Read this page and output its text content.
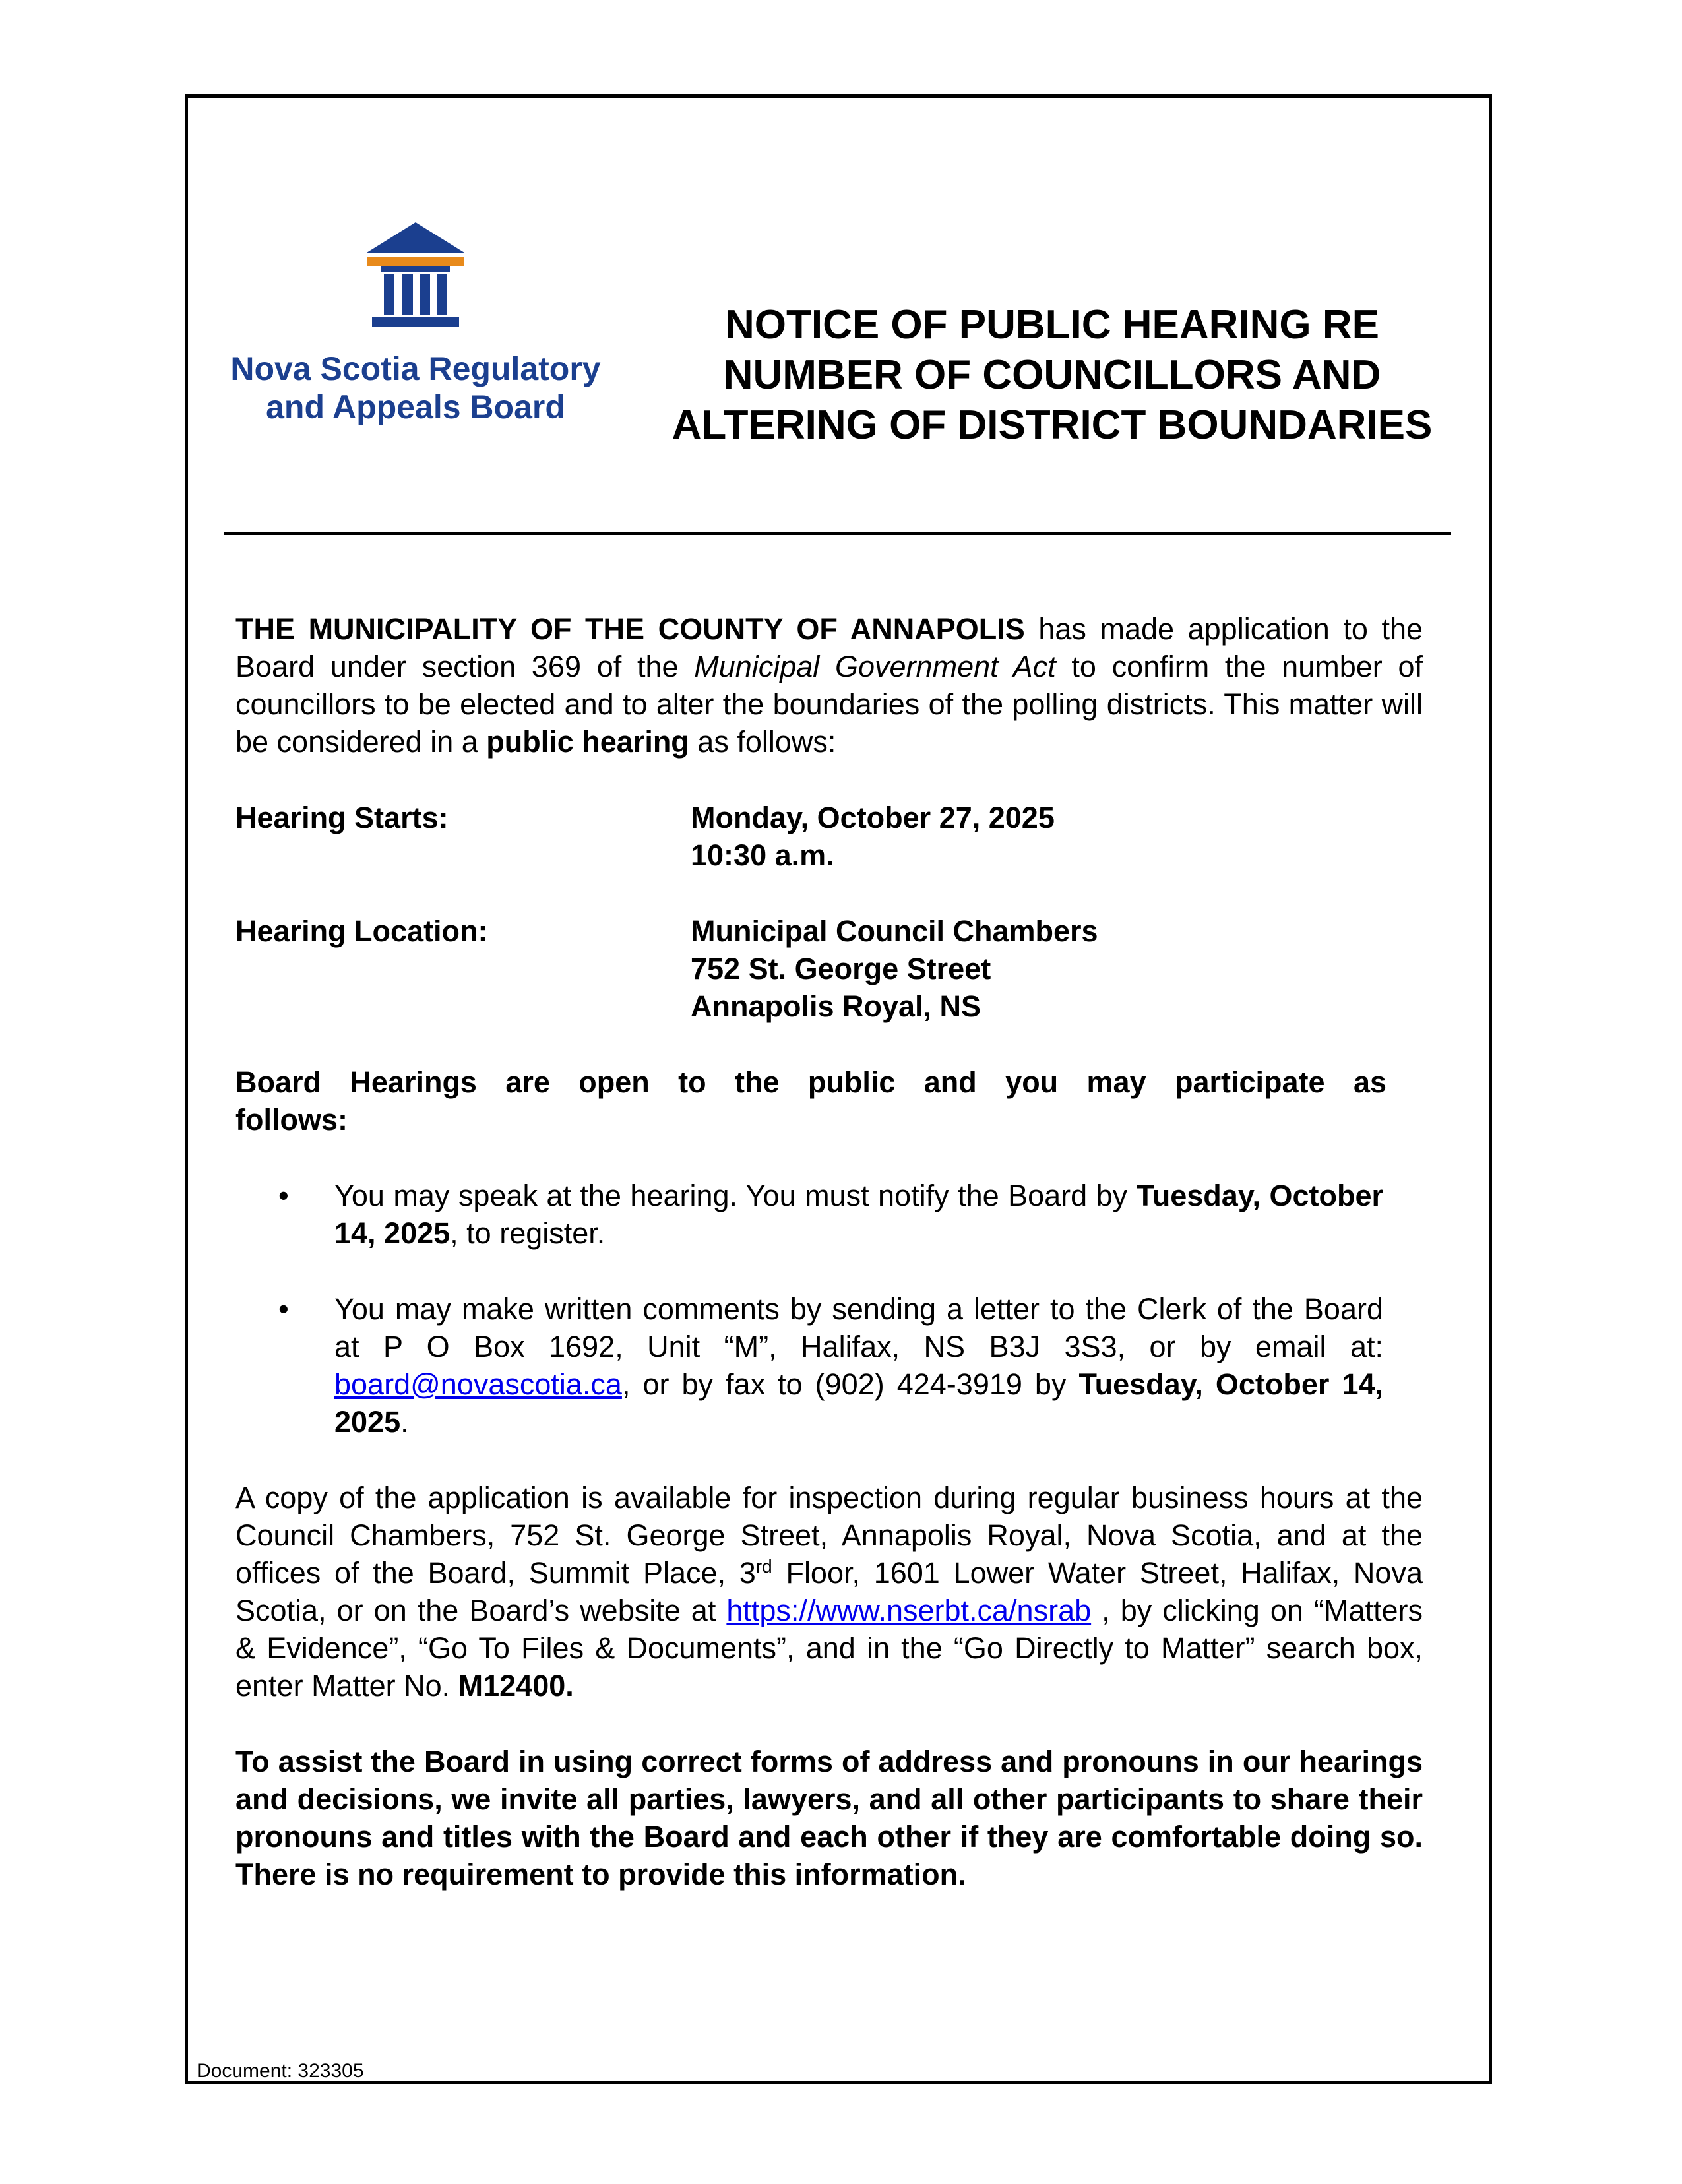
Nova Scotia Regulatory
and Appeals Board
NOTICE OF PUBLIC HEARING RE
NUMBER OF COUNCILLORS AND
ALTERING OF DISTRICT BOUNDARIES

THE MUNICIPALITY OF THE COUNTY OF ANNAPOLIS has made application to the Board under section 369 of the Municipal Government Act to confirm the number of councillors to be elected and to alter the boundaries of the polling districts. This matter will be considered in a public hearing as follows:

Hearing Starts:	Monday, October 27, 2025
10:30 a.m.
Hearing Location:	Municipal Council Chambers
752 St. George Street
Annapolis Royal, NS
Board Hearings are open to the public and you may participate as
follows:
• You may speak at the hearing. You must notify the Board by Tuesday, October 14, 2025, to register.
• You may make written comments by sending a letter to the Clerk of the Board at P O Box 1692, Unit “M”, Halifax, NS B3J 3S3, or by email at: board@novascotia.ca, or by fax to (902) 424-3919 by Tuesday, October 14, 2025.

A copy of the application is available for inspection during regular business hours at the Council Chambers, 752 St. George Street, Annapolis Royal, Nova Scotia, and at the offices of the Board, Summit Place, 3rd Floor, 1601 Lower Water Street, Halifax, Nova Scotia, or on the Board’s website at https://www.nserbt.ca/nsrab , by clicking on “Matters & Evidence”, “Go To Files & Documents”, and in the “Go Directly to Matter” search box, enter Matter No. M12400.

To assist the Board in using correct forms of address and pronouns in our hearings and decisions, we invite all parties, lawyers, and all other participants to share their pronouns and titles with the Board and each other if they are comfortable doing so. There is no requirement to provide this information.

Document: 323305
